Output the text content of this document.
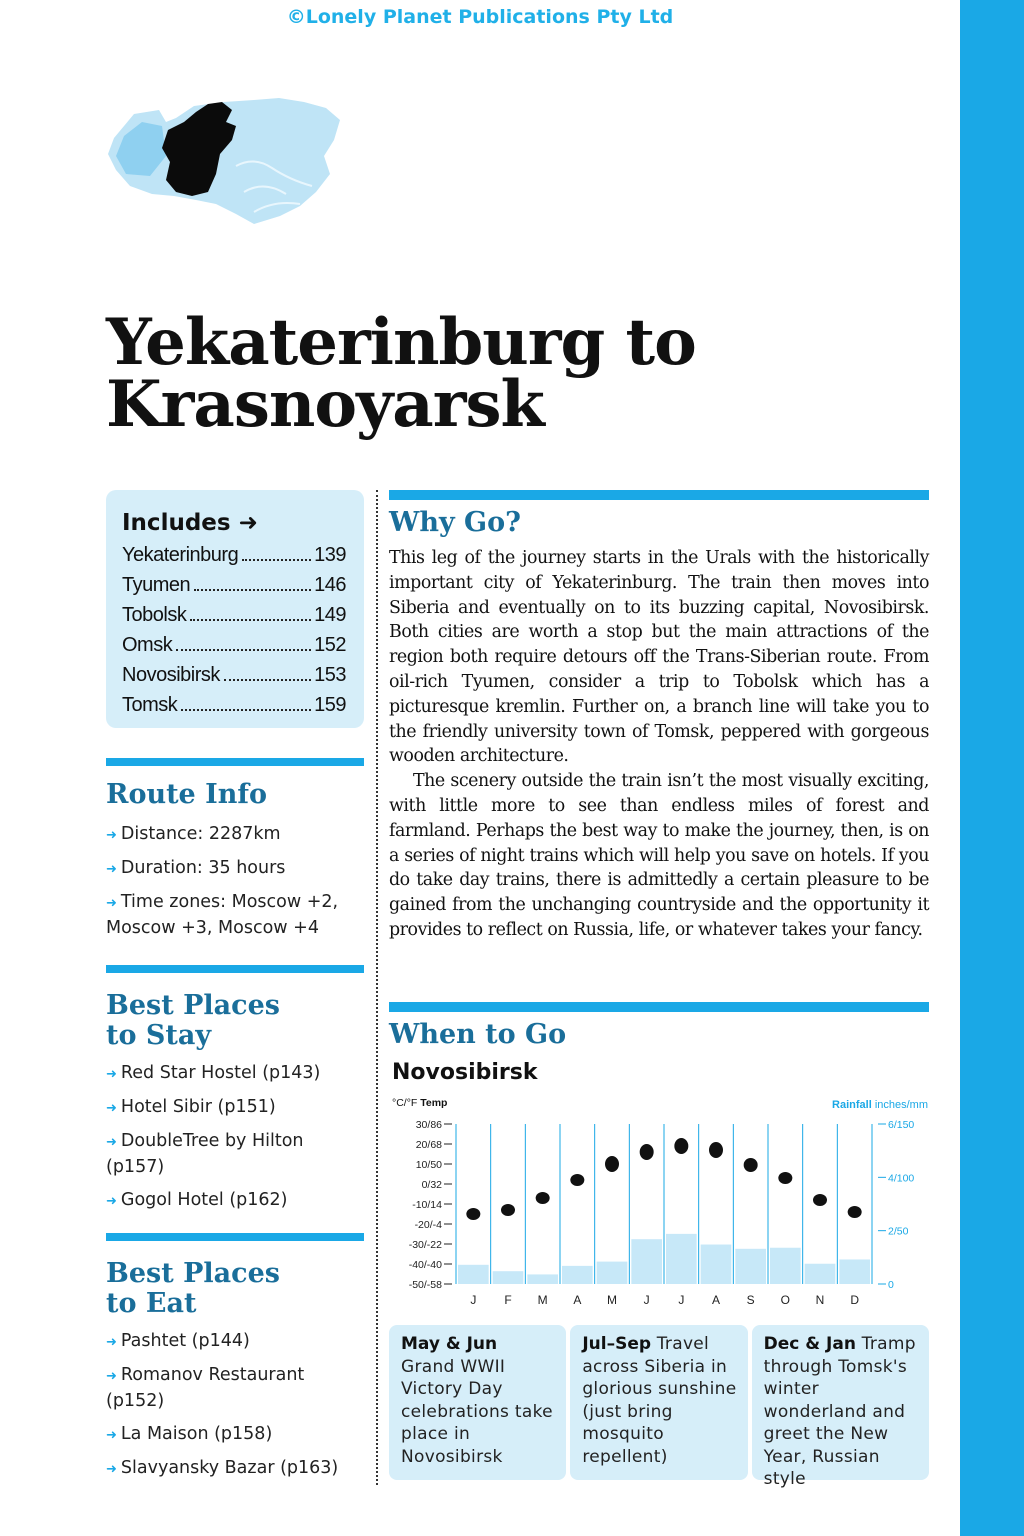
©Lonely Planet Publications Pty Ltd
Yekaterinburg to Krasnoyarsk
Includes ➜
Yekaterinburg	139
Tyumen	146
Tobolsk	149
Omsk	152
Novosibirsk	153
Tomsk	159
Route Info
➜ Distance: 2287km
➜ Duration: 35 hours
➜ Time zones: Moscow +2, Moscow +3, Moscow +4
Best Places to Stay
➜ Red Star Hostel (p143)
➜ Hotel Sibir (p151)
➜ DoubleTree by Hilton (p157)
➜ Gogol Hotel (p162)
Best Places to Eat
➜ Pashtet (p144)
➜ Romanov Restaurant (p152)
➜ La Maison (p158)
➜ Slavyansky Bazar (p163)
Why Go?

This leg of the journey starts in the Urals with the historically important city of Yekaterinburg. The train then moves into Siberia and eventually on to its buzzing capital, Novosibirsk. Both cities are worth a stop but the main attractions of the region both require detours off the Trans-Siberian route. From oil-rich Tyumen, consider a trip to Tobolsk which has a picturesque kremlin. Further on, a branch line will take you to the friendly university town of Tomsk, peppered with gorgeous wooden architecture.

The scenery outside the train isn’t the most visually exciting, with little more to see than endless miles of forest and farmland. Perhaps the best way to make the journey, then, is on a series of night trains which will help you save on hotels. If you do take day trains, there is admittedly a certain pleasure to be gained from the unchanging countryside and the opportunity it provides to reflect on Russia, life, or whatever takes your fancy.

When to Go
Novosibirsk
30/86
20/68
10/50
0/32
-10/14
-20/-4
-30/-22
-40/-40
-50/-58
6/150
4/100
2/50
0
°C/°F Temp	Rainfall inches/mm
J F M A M J J A S O N D
May & Jun Grand WWII Victory Day celebrations take place in Novosibirsk
Jul–Sep Travel across Siberia in glorious sunshine (just bring mosquito repellent)
Dec & Jan Tramp through Tomsk's winter wonderland and greet the New Year, Russian style
